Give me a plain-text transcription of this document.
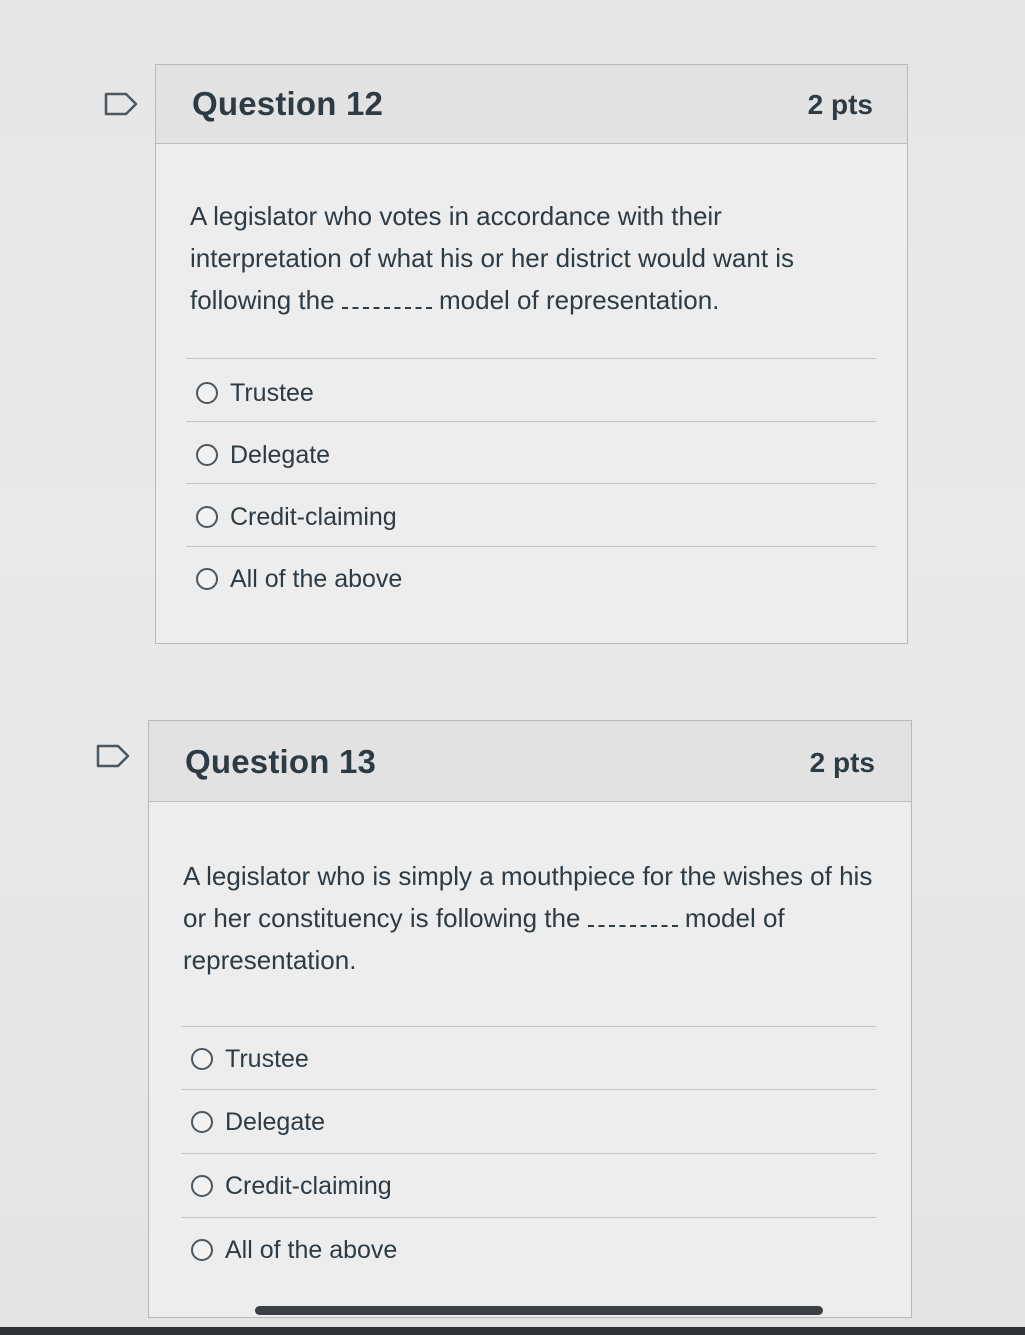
Question 12	2 pts
A legislator who votes in accordance with their interpretation of what his or her district would want is following the	model of representation.
Trustee
Delegate
Credit-claiming
All of the above
Question 13	2 pts
A legislator who is simply a mouthpiece for the wishes of his or her constituency is following the	model of representation.
Trustee
Delegate
Credit-claiming
All of the above
